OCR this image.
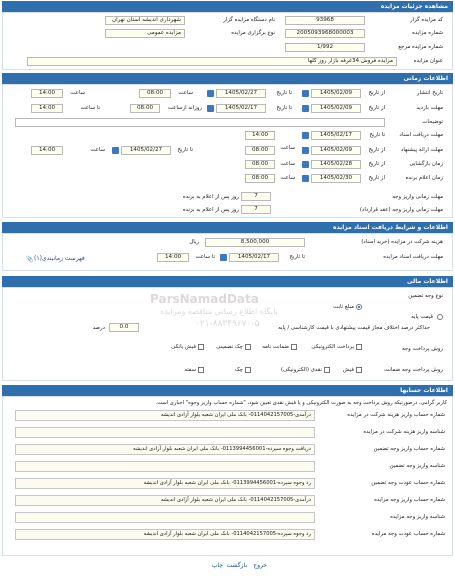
مشاهده جزئیات مزایده
کد مزایده گزار
93968
نام دستگاه مزایده گزار
شهرداری اندیشه استان تهران
شماره مزایده
2005093968000003
نوع برگزاری مزایده
مزایده عمومی
شماره مزایده مرجع
1/992
عنوان مزایده
مزایده فروش 34غرفه بازار روز گلها
اطلاعات زمانی
تاریخ انتشار
از تاریخ
1405/02/09
تا تاریخ
1405/02/27
ساعت
08:00
ساعت
14:00
مهلت بازدید
از تاریخ
1405/02/09
تا تاریخ
1405/02/17
روزانه ازساعت
08:00
تا ساعت
14:00
توضیحات
مهلت دریافت اسناد
تا تاریخ
1405/02/17
ساعت
14:00
مهلت ارائه پیشنهاد
از تاریخ
1405/02/09
08:00
تا تاریخ
1405/02/27
ساعت
14:00
زمان بازگشایی
از تاریخ
1405/02/28
ساعت
08:00
زمان اعلام برنده
از تاریخ
1405/02/30
ساعت
08:00
مهلت زمانی واریز وجه
7
روز پس از اعلام به برنده
مهلت زمانی واریز وجه (عقد قرارداد)
7
روز پس از اعلام به برنده
اطلاعات و شرایط دریافت اسناد مزایده
هزینه شرکت در مزایده (خرید اسناد)
8,500,000
ریال
مهلت دریافت اسناد مزایده
تا تاریخ
1405/02/17
تا ساعت
14:00
فهرست زمانبندی(۱)
📎
اطلاعات مالی
نوع وجه تضمین
مبلغ ثابت
قیمت پایه
حداکثر درصد اختلاف مجاز قیمت پیشنهادی با قیمت کارشناسی / پایه
0.0
درصد
روش پرداخت وجه
پرداخت الکترونیکی
ضمانت نامه
چک تضمینی
فیش بانکی
روش پرداخت وجه ضمانت
فیش
نقدی (الکترونیکی)
چک
سفته
اطلاعات حسابها
کاربر گرامی، درصورتیکه روش پرداخت وجه به صورت الکترونیکی و یا فیش نقدی تعیین شود، "شماره حساب واریز وجوه" اجباری است.
شماره حساب واریز هزینه شرکت در مزایده
درآمدی-0114042157005- بانک ملی ایران شعبه بلوار آزادی اندیشه
شناسه واریز هزینه شرکت در مزایده
شماره حساب واریز وجه تضمین
دریافت وجوه سپرده-0113994456001- بانک ملی ایران شعبه بلوار آزادی اندیشه
شناسه واریز وجه تضمین
شماره حساب عودت وجه تضمین
رد وجوه سپرده-0113994456001- بانک ملی ایران شعبه بلوار آزادی اندیشه
شماره حساب واریز وجه مزایده
درآمدی-0114042157005- بانک ملی ایران شعبه بلوار آزادی اندیشه
شناسه واریز وجه مزایده
شماره حساب عودت وجه مزایده
رد وجوه سپرده-0114042157005- بانک ملی ایران شعبه بلوار آزادی اندیشه
ParsNamadData
پایگاه اطلاع رسانی مناقصه ومزایده
۰۲۱-۸۸۳۴۹۶۷۰-۵
چاپ بازگشت خروج
